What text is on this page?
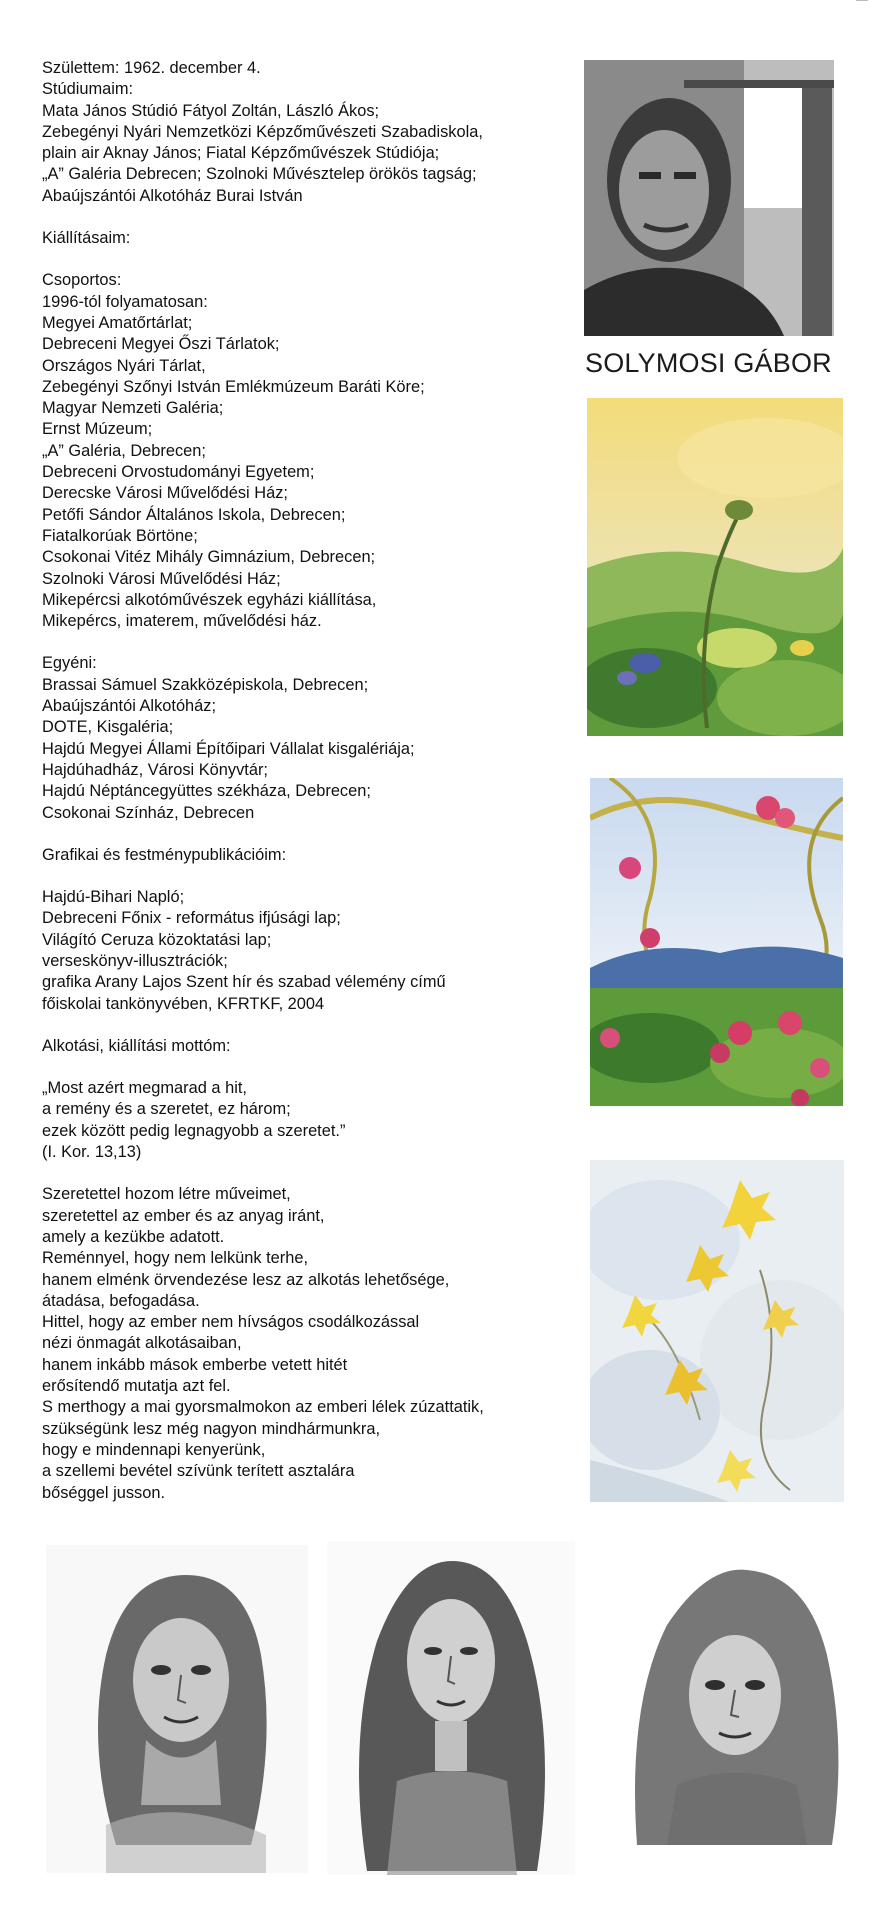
Születtem: 1962. december 4.

Stúdiumaim:

Mata János Stúdió Fátyol Zoltán, László Ákos;

Zebegényi Nyári Nemzetközi Képzőművészeti Szabadiskola,

plain air Aknay János; Fiatal Képzőművészek Stúdiója;

„A” Galéria Debrecen; Szolnoki Művésztelep örökös tagság;

Abaújszántói Alkotóház Burai István

Kiállításaim:

Csoportos:

1996-tól folyamatosan:

Megyei Amatőrtárlat;

Debreceni Megyei Őszi Tárlatok;

Országos Nyári Tárlat,

Zebegényi Szőnyi István Emlékmúzeum Baráti Köre;

Magyar Nemzeti Galéria;

Ernst Múzeum;

„A” Galéria, Debrecen;

Debreceni Orvostudományi Egyetem;

Derecske Városi Művelődési Ház;

Petőfi Sándor Általános Iskola, Debrecen;

Fiatalkorúak Börtöne;

Csokonai Vitéz Mihály Gimnázium, Debrecen;

Szolnoki Városi Művelődési Ház;

Mikepércsi alkotóművészek egyházi kiállítása,

Mikepércs, imaterem, művelődési ház.

Egyéni:

Brassai Sámuel Szakközépiskola, Debrecen;

Abaújszántói Alkotóház;

DOTE, Kisgaléria;

Hajdú Megyei Állami Építőipari Vállalat kisgalériája;

Hajdúhadház, Városi Könyvtár;

Hajdú Néptáncegyüttes székháza, Debrecen;

Csokonai Színház, Debrecen

Grafikai és festménypublikációim:

Hajdú-Bihari Napló;

Debreceni Főnix - református ifjúsági lap;

Világító Ceruza közoktatási lap;

verseskönyv-illusztrációk;

grafika Arany Lajos Szent hír és szabad vélemény című

főiskolai tankönyvében, KFRTKF, 2004

Alkotási, kiállítási mottóm:

„Most azért megmarad a hit,

a remény és a szeretet, ez három;

ezek között pedig legnagyobb a szeretet.”

(I. Kor. 13,13)

Szeretettel hozom létre műveimet,

szeretettel az ember és az anyag iránt,

amely a kezükbe adatott.

Reménnyel, hogy nem lelkünk terhe,

hanem elménk örvendezése lesz az alkotás lehetősége,

átadása, befogadása.

Hittel, hogy az ember nem hívságos csodálkozással

nézi önmagát alkotásaiban,

hanem inkább mások emberbe vetett hitét

erősítendő mutatja azt fel.

S merthogy a mai gyorsmalmokon az emberi lélek zúzattatik,

szükségünk lesz még nagyon mindhármunkra,

hogy e mindennapi kenyerünk,

a szellemi bevétel szívünk terített asztalára

bőséggel jusson.

SOLYMOSI GÁBOR
